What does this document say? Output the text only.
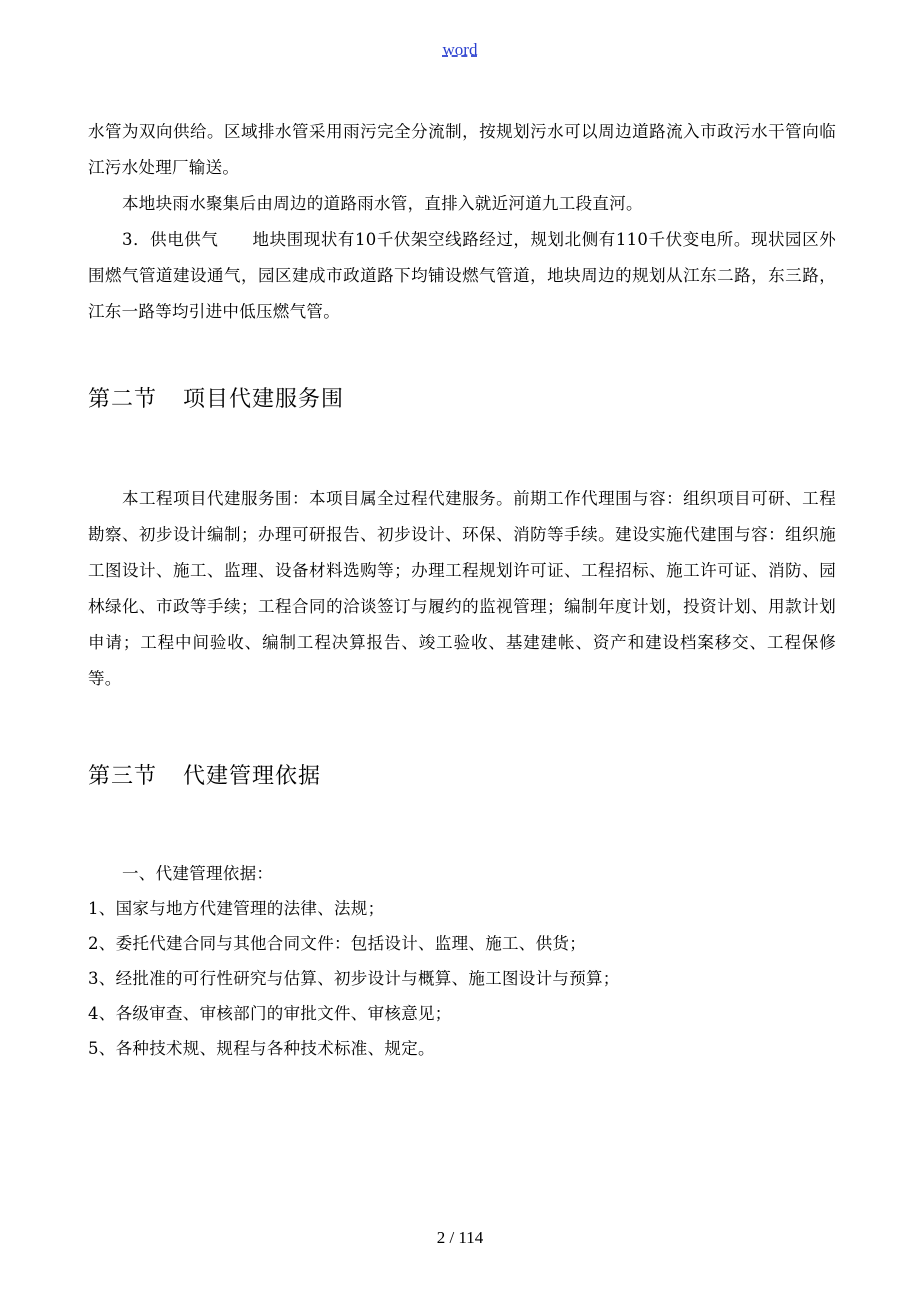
word

水管为双向供给。区域排水管采用雨污完全分流制，按规划污水可以周边道路流入市政污水干管向临江污水处理厂输送。

本地块雨水聚集后由周边的道路雨水管，直排入就近河道九工段直河。

3．供电供气　　地块围现状有10千伏架空线路经过，规划北侧有110千伏变电所。现状园区外围燃气管道建设通气，园区建成市政道路下均铺设燃气管道，地块周边的规划从江东二路，东三路，江东一路等均引进中低压燃气管。

第二节 项目代建服务围

本工程项目代建服务围：本项目属全过程代建服务。前期工作代理围与容：组织项目可研、工程勘察、初步设计编制；办理可研报告、初步设计、环保、消防等手续。建设实施代建围与容：组织施工图设计、施工、监理、设备材料选购等；办理工程规划许可证、工程招标、施工许可证、消防、园林绿化、市政等手续；工程合同的洽谈签订与履约的监视管理；编制年度计划，投资计划、用款计划申请；工程中间验收、编制工程决算报告、竣工验收、基建建帐、资产和建设档案移交、工程保修等。

第三节 代建管理依据

一、代建管理依据：

1、国家与地方代建管理的法律、法规；

2、委托代建合同与其他合同文件：包括设计、监理、施工、供货；

3、经批准的可行性研究与估算、初步设计与概算、施工图设计与预算；

4、各级审查、审核部门的审批文件、审核意见；

5、各种技术规、规程与各种技术标准、规定。

2 / 114
